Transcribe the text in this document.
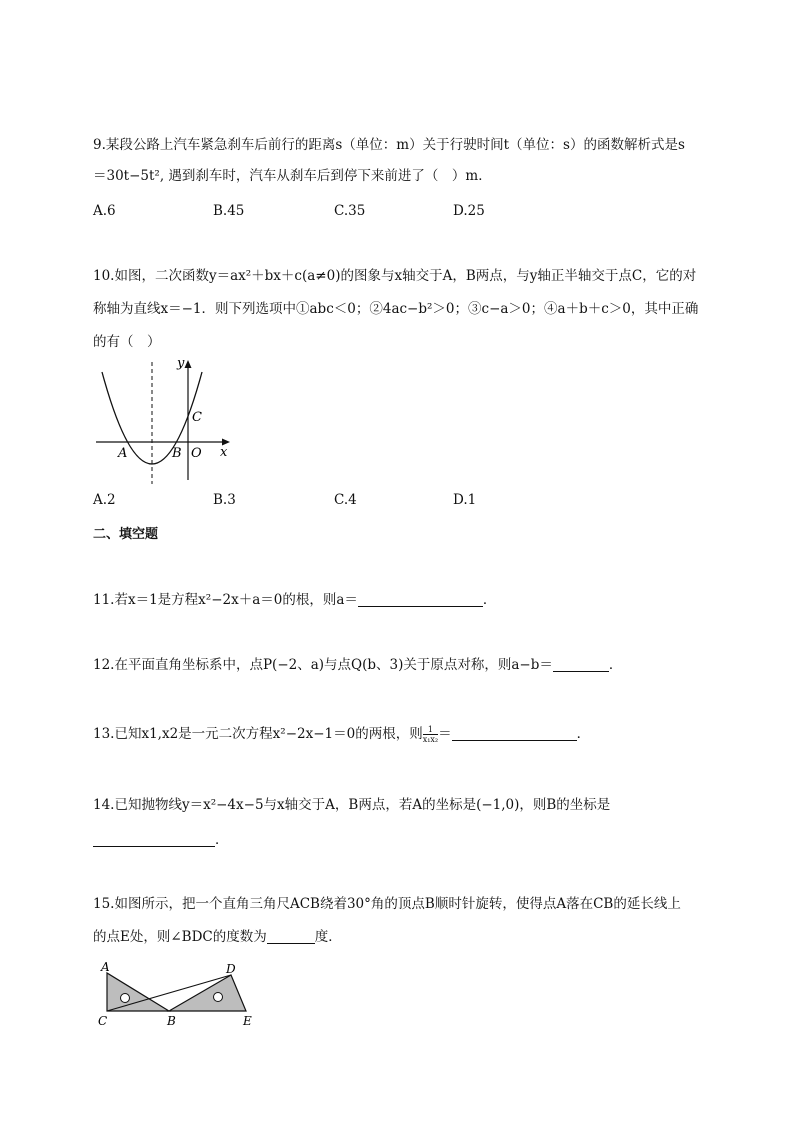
9.某段公路上汽车紧急刹车后前行的距离s（单位：m）关于行驶时间t（单位：s）的函数解析式是s
＝30t−5t², 遇到刹车时，汽车从刹车后到停下来前进了（　）m．
A.6	B.45	C.35	D.25
10.如图，二次函数y＝ax²＋bx＋c(a≠0)的图象与x轴交于A，B两点，与y轴正半轴交于点C，它的对
称轴为直线x＝−1．则下列选项中①abc＜0；②4ac−b²＞0；③c−a＞0；④a＋b＋c＞0，其中正确
的有（　）
y
C
A	B O x
A.2	B.3	C.4	D.1
二、填空题
11.若x＝1是方程x²−2x＋a＝0的根，则a＝	．
12.在平面直角坐标系中，点P(−2、a)与点Q(b、3)关于原点对称，则a−b＝	．
13.已知x1,x2是一元二次方程x²−2x−1＝0的两根，则 $\frac{1}{\text{x₁x₂}}$ ＝	．
14.已知抛物线y＝x²−4x−5与x轴交于A，B两点，若A的坐标是(−1,0)，则B的坐标是
．
15.如图所示，把一个直角三角尺ACB绕着30°角的顶点B顺时针旋转，使得点A落在CB的延长线上
的点E处，则∠BDC的度数为	度．
A	D
C	B	E
